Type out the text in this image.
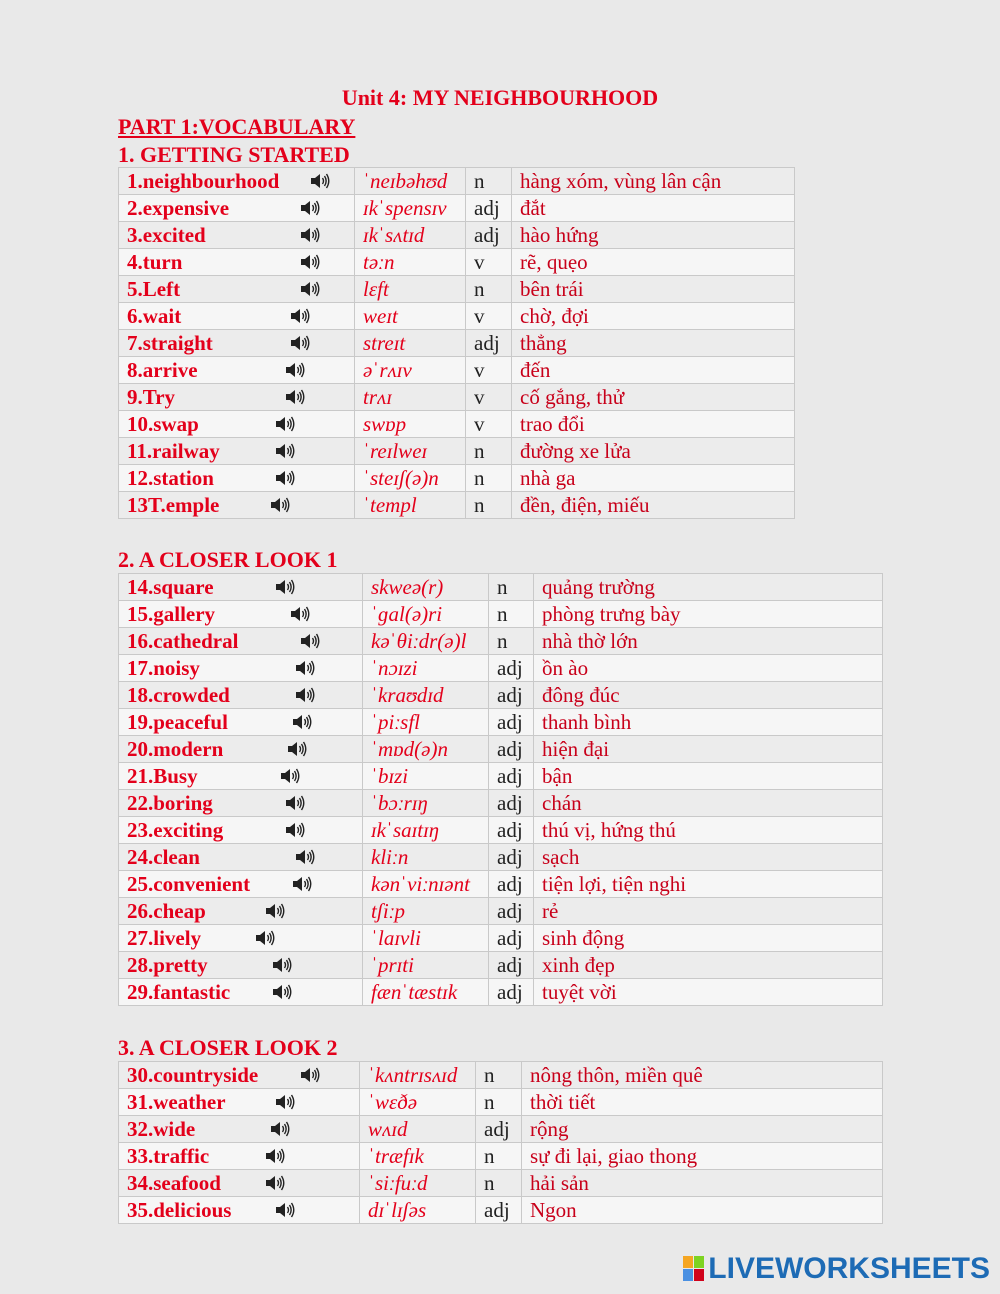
Unit 4: MY NEIGHBOURHOOD
PART 1:VOCABULARY
1. GETTING STARTED
1.neighbourhood	ˈneɪbəhʊd	n	hàng xóm, vùng lân cận
2.expensive	ɪkˈspensɪv	adj	đắt
3.excited	ɪkˈsʌtɪd	adj	hào hứng
4.turn	təːn	v	rẽ, quẹo
5.Left	lɛft	n	bên trái
6.wait	weɪt	v	chờ, đợi
7.straight	streɪt	adj	thẳng
8.arrive	əˈrʌɪv	v	đến
9.Try	trʌɪ	v	cố gắng, thử
10.swap	swɒp	v	trao đổi
11.railway	ˈreɪlweɪ	n	đường xe lửa
12.station	ˈsteɪʃ(ə)n	n	nhà ga
13T.emple	ˈtempl	n	đền, điện, miếu
2. A CLOSER LOOK 1
14.square	skweə(r)	n	quảng trường
15.gallery	ˈɡal(ə)ri	n	phòng trưng bày
16.cathedral	kəˈθiːdr(ə)l	n	nhà thờ lớn
17.noisy	ˈnɔɪzi	adj	ồn ào
18.crowded	ˈkraʊdɪd	adj	đông đúc
19.peaceful	ˈpiːsfl	adj	thanh bình
20.modern	ˈmɒd(ə)n	adj	hiện đại
21.Busy	ˈbɪzi	adj	bận
22.boring	ˈbɔːrɪŋ	adj	chán
23.exciting	ɪkˈsaɪtɪŋ	adj	thú vị, hứng thú
24.clean	kliːn	adj	sạch
25.convenient	kənˈviːnɪənt	adj	tiện lợi, tiện nghi
26.cheap	tʃiːp	adj	rẻ
27.lively	ˈlaɪvli	adj	sinh động
28.pretty	ˈprɪti	adj	xinh đẹp
29.fantastic	fænˈtæstɪk	adj	tuyệt vời
3. A CLOSER LOOK 2
30.countryside	ˈkʌntrɪsʌɪd	n	nông thôn, miền quê
31.weather	ˈwɛðə	n	thời tiết
32.wide	wʌɪd	adj	rộng
33.traffic	ˈtræfɪk	n	sự đi lại, giao thong
34.seafood	ˈsiːfuːd	n	hải sản
35.delicious	dɪˈlɪʃəs	adj	Ngon
LIVEWORKSHEETS
